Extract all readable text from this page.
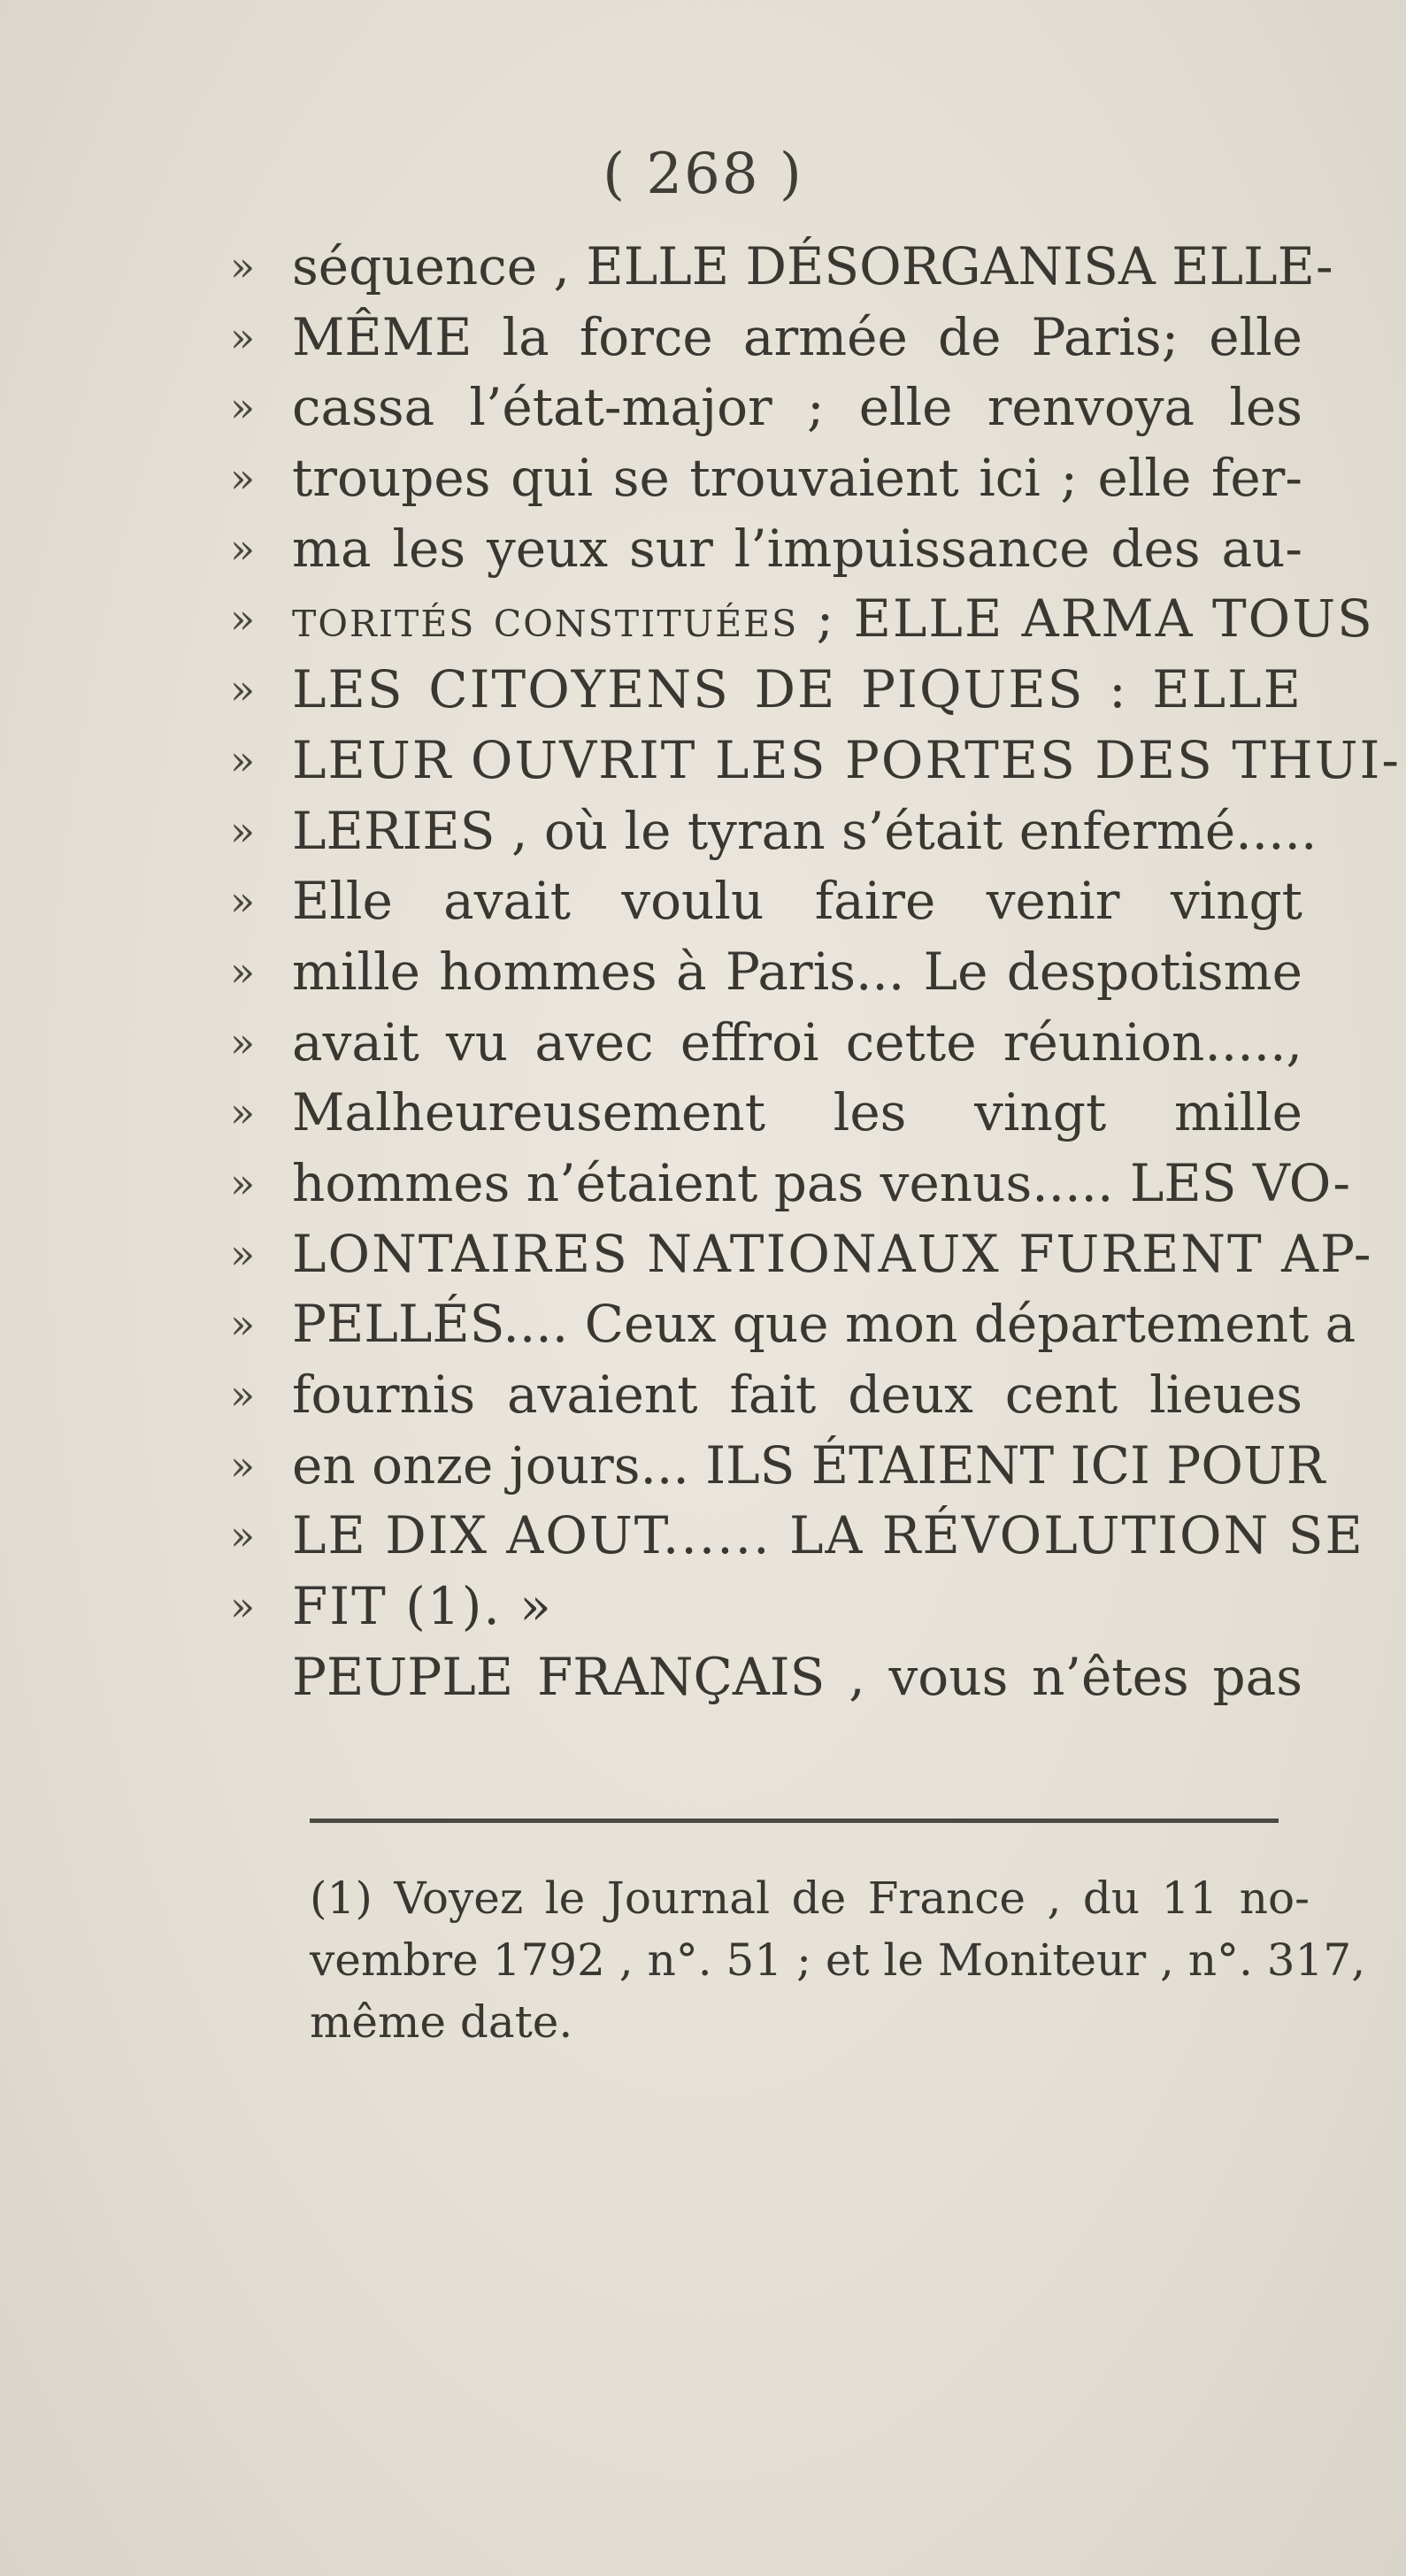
( 268 )
» séquence , ELLE DÉSORGANISA ELLE-
» MÊME la force armée de Paris; elle
» cassa l’état-major ; elle renvoya les
» troupes qui se trouvaient ici ; elle fer-
» ma les yeux sur l’impuissance des au-
» torités constituées ; ELLE ARMA TOUS
» LES CITOYENS DE PIQUES : ELLE
» LEUR OUVRIT LES PORTES DES THUI-
» LERIES , où le tyran s’était enfermé.....
» Elle avait voulu faire venir vingt
» mille hommes à Paris... Le despotisme
» avait vu avec effroi cette réunion.....,
» Malheureusement les vingt mille
» hommes n’étaient pas venus..... LES VO-
» LONTAIRES NATIONAUX FURENT AP-
» PELLÉS.... Ceux que mon département a
» fournis avaient fait deux cent lieues
» en onze jours... ILS ÉTAIENT ICI POUR
» LE DIX AOUT...... LA RÉVOLUTION SE
» FIT (1). »
PEUPLE FRANÇAIS , vous n’êtes pas
(1) Voyez le Journal de France , du 11 no-
vembre 1792 , n°. 51 ; et le Moniteur , n°. 317,
même date.
